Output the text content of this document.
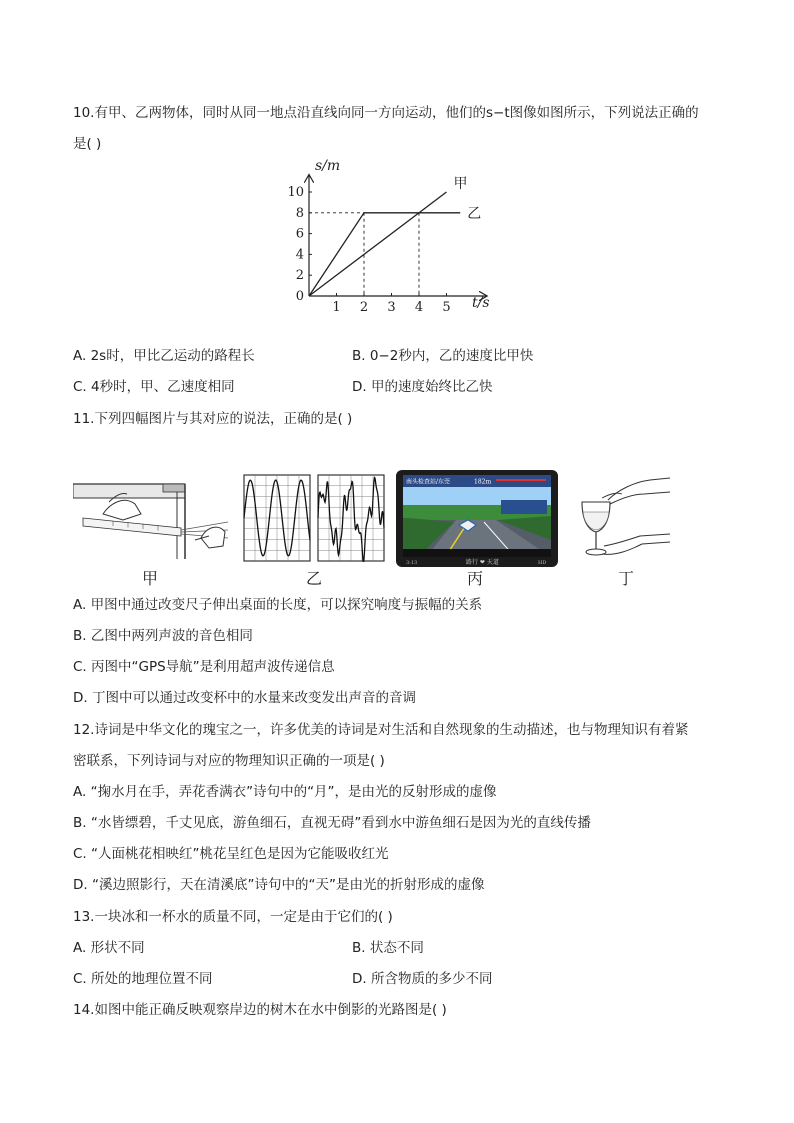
10.有甲、乙两物体，同时从同一地点沿直线向同一方向运动，他们的s−t图像如图所示，下列说法正确的
是( )
s/m
t/s
1 2 3 4 5
0
2
4
6
8
10
甲
乙
A. 2s时，甲比乙运动的路程长	B. 0−2秒内，乙的速度比甲快
C. 4秒时，甲、乙速度相同	D. 甲的速度始终比乙快
11.下列四幅图片与其对应的说法，正确的是( )
甲	乙
南头检查站/东莞	182m
路行 ❤ 天道
3:13	HD
丙	丁
A. 甲图中通过改变尺子伸出桌面的长度，可以探究响度与振幅的关系
B. 乙图中两列声波的音色相同
C. 丙图中“GPS导航”是利用超声波传递信息
D. 丁图中可以通过改变杯中的水量来改变发出声音的音调
12.诗词是中华文化的瑰宝之一，许多优美的诗词是对生活和自然现象的生动描述，也与物理知识有着紧
密联系，下列诗词与对应的物理知识正确的一项是( )
A. “掬水月在手，弄花香满衣”诗句中的“月”，是由光的反射形成的虚像
B. “水皆缥碧，千丈见底，游鱼细石，直视无碍”看到水中游鱼细石是因为光的直线传播
C. “人面桃花相映红”桃花呈红色是因为它能吸收红光
D. “溪边照影行，天在清溪底”诗句中的“天”是由光的折射形成的虚像
13.一块冰和一杯水的质量不同，一定是由于它们的( )
A. 形状不同	B. 状态不同
C. 所处的地理位置不同	D. 所含物质的多少不同
14.如图中能正确反映观察岸边的树木在水中倒影的光路图是( )
